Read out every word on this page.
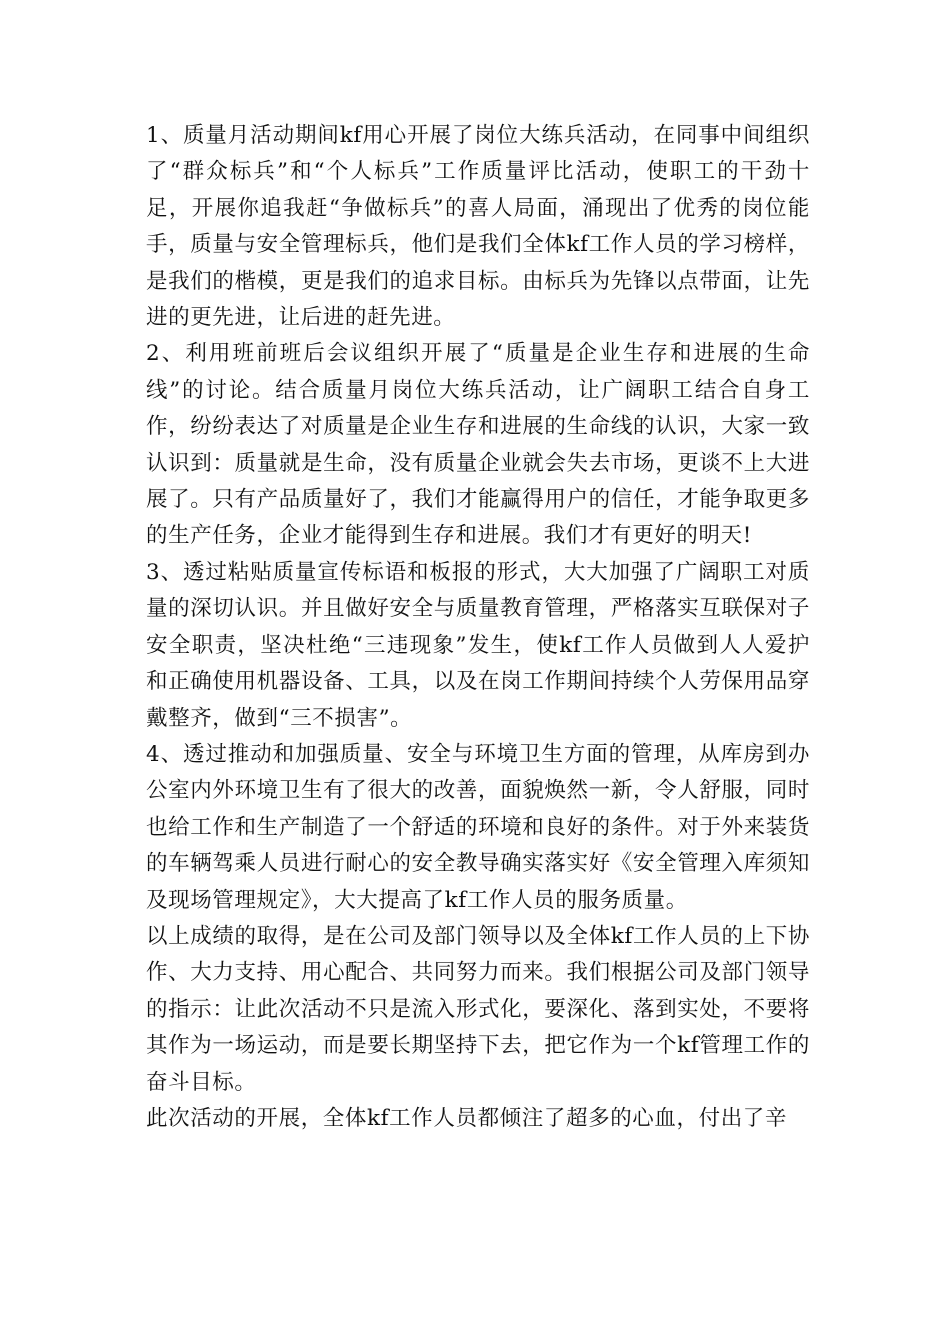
1、质量月活动期间kf用心开展了岗位大练兵活动，在同事中间组织了“群众标兵”和“个人标兵”工作质量评比活动，使职工的干劲十足，开展你追我赶“争做标兵”的喜人局面，涌现出了优秀的岗位能手，质量与安全管理标兵，他们是我们全体kf工作人员的学习榜样，是我们的楷模，更是我们的追求目标。由标兵为先锋以点带面，让先进的更先进，让后进的赶先进。

2、利用班前班后会议组织开展了“质量是企业生存和进展的生命线”的讨论。结合质量月岗位大练兵活动，让广阔职工结合自身工作，纷纷表达了对质量是企业生存和进展的生命线的认识，大家一致认识到：质量就是生命，没有质量企业就会失去市场，更谈不上大进展了。只有产品质量好了，我们才能赢得用户的信任，才能争取更多的生产任务，企业才能得到生存和进展。我们才有更好的明天!

3、透过粘贴质量宣传标语和板报的形式，大大加强了广阔职工对质量的深切认识。并且做好安全与质量教育管理，严格落实互联保对子安全职责，坚决杜绝“三违现象”发生，使kf工作人员做到人人爱护和正确使用机器设备、工具，以及在岗工作期间持续个人劳保用品穿戴整齐，做到“三不损害”。

4、透过推动和加强质量、安全与环境卫生方面的管理，从库房到办公室内外环境卫生有了很大的改善，面貌焕然一新，令人舒服，同时也给工作和生产制造了一个舒适的环境和良好的条件。对于外来装货的车辆驾乘人员进行耐心的安全教导确实落实好《安全管理入库须知及现场管理规定》，大大提高了kf工作人员的服务质量。

以上成绩的取得，是在公司及部门领导以及全体kf工作人员的上下协作、大力支持、用心配合、共同努力而来。我们根据公司及部门领导的指示：让此次活动不只是流入形式化，要深化、落到实处，不要将其作为一场运动，而是要长期坚持下去，把它作为一个kf管理工作的奋斗目标。

此次活动的开展，全体kf工作人员都倾注了超多的心血，付出了辛
